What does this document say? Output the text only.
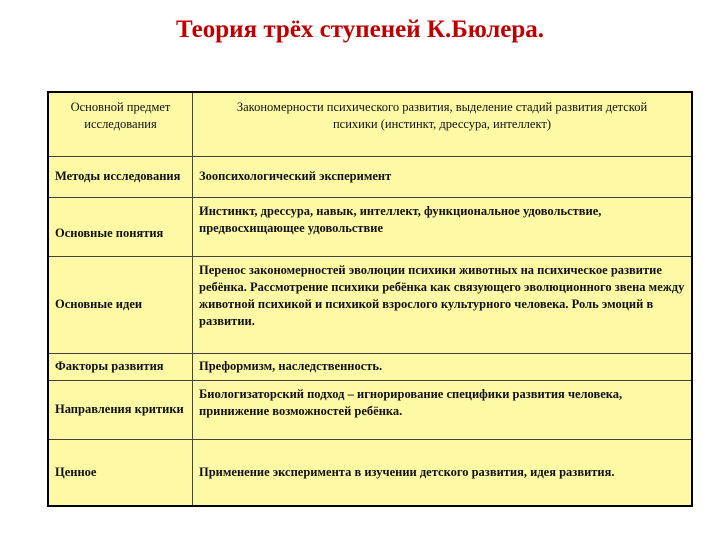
Теория трёх ступеней К.Бюлера.
Основной предмет исследования	Закономерности психического развития, выделение стадий развития детской психики (инстинкт, дрессура, интеллект)
Методы исследования	Зоопсихологический эксперимент
Основные понятия	Инстинкт, дрессура, навык, интеллект, функциональное удовольствие, предвосхищающее удовольствие
Основные идеи	Перенос закономерностей эволюции психики животных на психическое развитие ребёнка. Рассмотрение психики ребёнка как связующего эволюционного звена между животной психикой и психикой взрослого культурного человека. Роль эмоций в развитии.
Факторы развития	Преформизм, наследственность.
Направления критики	Биологизаторский подход – игнорирование специфики развития человека, принижение возможностей ребёнка.
Ценное	Применение эксперимента в изучении детского развития, идея развития.
